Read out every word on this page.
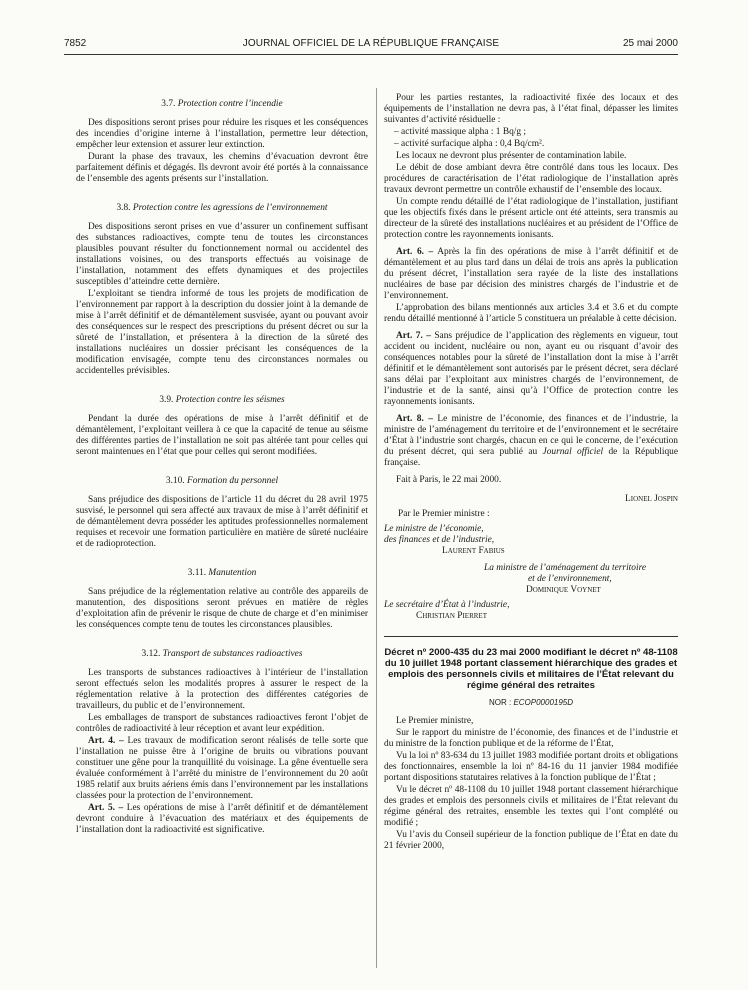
7852	JOURNAL OFFICIEL DE LA RÉPUBLIQUE FRANÇAISE	25 mai 2000
3.7. Protection contre l’incendie

Des dispositions seront prises pour réduire les risques et les conséquences des incendies d’origine interne à l’installation, permettre leur détection, empêcher leur extension et assurer leur extinction.

Durant la phase des travaux, les chemins d’évacuation devront être parfaitement définis et dégagés. Ils devront avoir été portés à la connaissance de l’ensemble des agents présents sur l’installation.

3.8. Protection contre les agressions de l’environnement

Des dispositions seront prises en vue d’assurer un confinement suffisant des substances radioactives, compte tenu de toutes les circonstances plausibles pouvant résulter du fonctionnement normal ou accidentel des installations voisines, ou des transports effectués au voisinage de l’installation, notamment des effets dynamiques et des projectiles susceptibles d’atteindre cette dernière.

L’exploitant se tiendra informé de tous les projets de modification de l’environnement par rapport à la description du dossier joint à la demande de mise à l’arrêt définitif et de démantèlement susvisée, ayant ou pouvant avoir des conséquences sur le respect des prescriptions du présent décret ou sur la sûreté de l’installation, et présentera à la direction de la sûreté des installations nucléaires un dossier précisant les conséquences de la modification envisagée, compte tenu des circonstances normales ou accidentelles prévisibles.

3.9. Protection contre les séismes

Pendant la durée des opérations de mise à l’arrêt définitif et de démantèlement, l’exploitant veillera à ce que la capacité de tenue au séisme des différentes parties de l’installation ne soit pas altérée tant pour celles qui seront maintenues en l’état que pour celles qui seront modifiées.

3.10. Formation du personnel

Sans préjudice des dispositions de l’article 11 du décret du 28 avril 1975 susvisé, le personnel qui sera affecté aux travaux de mise à l’arrêt définitif et de démantèlement devra posséder les aptitudes professionnelles normalement requises et recevoir une formation particulière en matière de sûreté nucléaire et de radioprotection.

3.11. Manutention

Sans préjudice de la réglementation relative au contrôle des appareils de manutention, des dispositions seront prévues en matière de règles d’exploitation afin de prévenir le risque de chute de charge et d’en minimiser les conséquences compte tenu de toutes les circonstances plausibles.

3.12. Transport de substances radioactives

Les transports de substances radioactives à l’intérieur de l’installation seront effectués selon les modalités propres à assurer le respect de la réglementation relative à la protection des différentes catégories de travailleurs, du public et de l’environnement.

Les emballages de transport de substances radioactives feront l’objet de contrôles de radioactivité à leur réception et avant leur expédition.

Art. 4. – Les travaux de modification seront réalisés de telle sorte que l’installation ne puisse être à l’origine de bruits ou vibrations pouvant constituer une gêne pour la tranquillité du voisinage. La gêne éventuelle sera évaluée conformément à l’arrêté du ministre de l’environnement du 20 août 1985 relatif aux bruits aériens émis dans l’environnement par les installations classées pour la protection de l’environnement.

Art. 5. – Les opérations de mise à l’arrêt définitif et de démantèlement devront conduire à l’évacuation des matériaux et des équipements de l’installation dont la radioactivité est significative.

Pour les parties restantes, la radioactivité fixée des locaux et des équipements de l’installation ne devra pas, à l’état final, dépasser les limites suivantes d’activité résiduelle :

– activité massique alpha : 1 Bq/g ;

– activité surfacique alpha : 0,4 Bq/cm².

Les locaux ne devront plus présenter de contamination labile.

Le débit de dose ambiant devra être contrôlé dans tous les locaux. Des procédures de caractérisation de l’état radiologique de l’installation après travaux devront permettre un contrôle exhaustif de l’ensemble des locaux.

Un compte rendu détaillé de l’état radiologique de l’installation, justifiant que les objectifs fixés dans le présent article ont été atteints, sera transmis au directeur de la sûreté des installations nucléaires et au président de l’Office de protection contre les rayonnements ionisants.

Art. 6. – Après la fin des opérations de mise à l’arrêt définitif et de démantèlement et au plus tard dans un délai de trois ans après la publication du présent décret, l’installation sera rayée de la liste des installations nucléaires de base par décision des ministres chargés de l’industrie et de l’environnement.

L’approbation des bilans mentionnés aux articles 3.4 et 3.6 et du compte rendu détaillé mentionné à l’article 5 constituera un préalable à cette décision.

Art. 7. – Sans préjudice de l’application des règlements en vigueur, tout accident ou incident, nucléaire ou non, ayant eu ou risquant d’avoir des conséquences notables pour la sûreté de l’installation dont la mise à l’arrêt définitif et le démantèlement sont autorisés par le présent décret, sera déclaré sans délai par l’exploitant aux ministres chargés de l’environnement, de l’industrie et de la santé, ainsi qu’à l’Office de protection contre les rayonnements ionisants.

Art. 8. – Le ministre de l’économie, des finances et de l’industrie, la ministre de l’aménagement du territoire et de l’environnement et le secrétaire d’État à l’industrie sont chargés, chacun en ce qui le concerne, de l’exécution du présent décret, qui sera publié au Journal officiel de la République française.

Fait à Paris, le 22 mai 2000.

Lionel Jospin
Par le Premier ministre :
Le ministre de l’économie,
des finances et de l’industrie,
Laurent Fabius
La ministre de l’aménagement du territoire
et de l’environnement,
Dominique Voynet
Le secrétaire d’État à l’industrie,
Christian Pierret
Décret nº 2000-435 du 23 mai 2000 modifiant le décret nº 48-1108 du 10 juillet 1948 portant classement hiérarchique des grades et emplois des personnels civils et militaires de l’État relevant du régime général des retraites
NOR : ECOP0000195D

Le Premier ministre,

Sur le rapport du ministre de l’économie, des finances et de l’industrie et du ministre de la fonction publique et de la réforme de l’État,

Vu la loi nº 83-634 du 13 juillet 1983 modifiée portant droits et obligations des fonctionnaires, ensemble la loi nº 84-16 du 11 janvier 1984 modifiée portant dispositions statutaires relatives à la fonction publique de l’État ;

Vu le décret nº 48-1108 du 10 juillet 1948 portant classement hiérarchique des grades et emplois des personnels civils et militaires de l’État relevant du régime général des retraites, ensemble les textes qui l’ont complété ou modifié ;

Vu l’avis du Conseil supérieur de la fonction publique de l’État en date du 21 février 2000,
